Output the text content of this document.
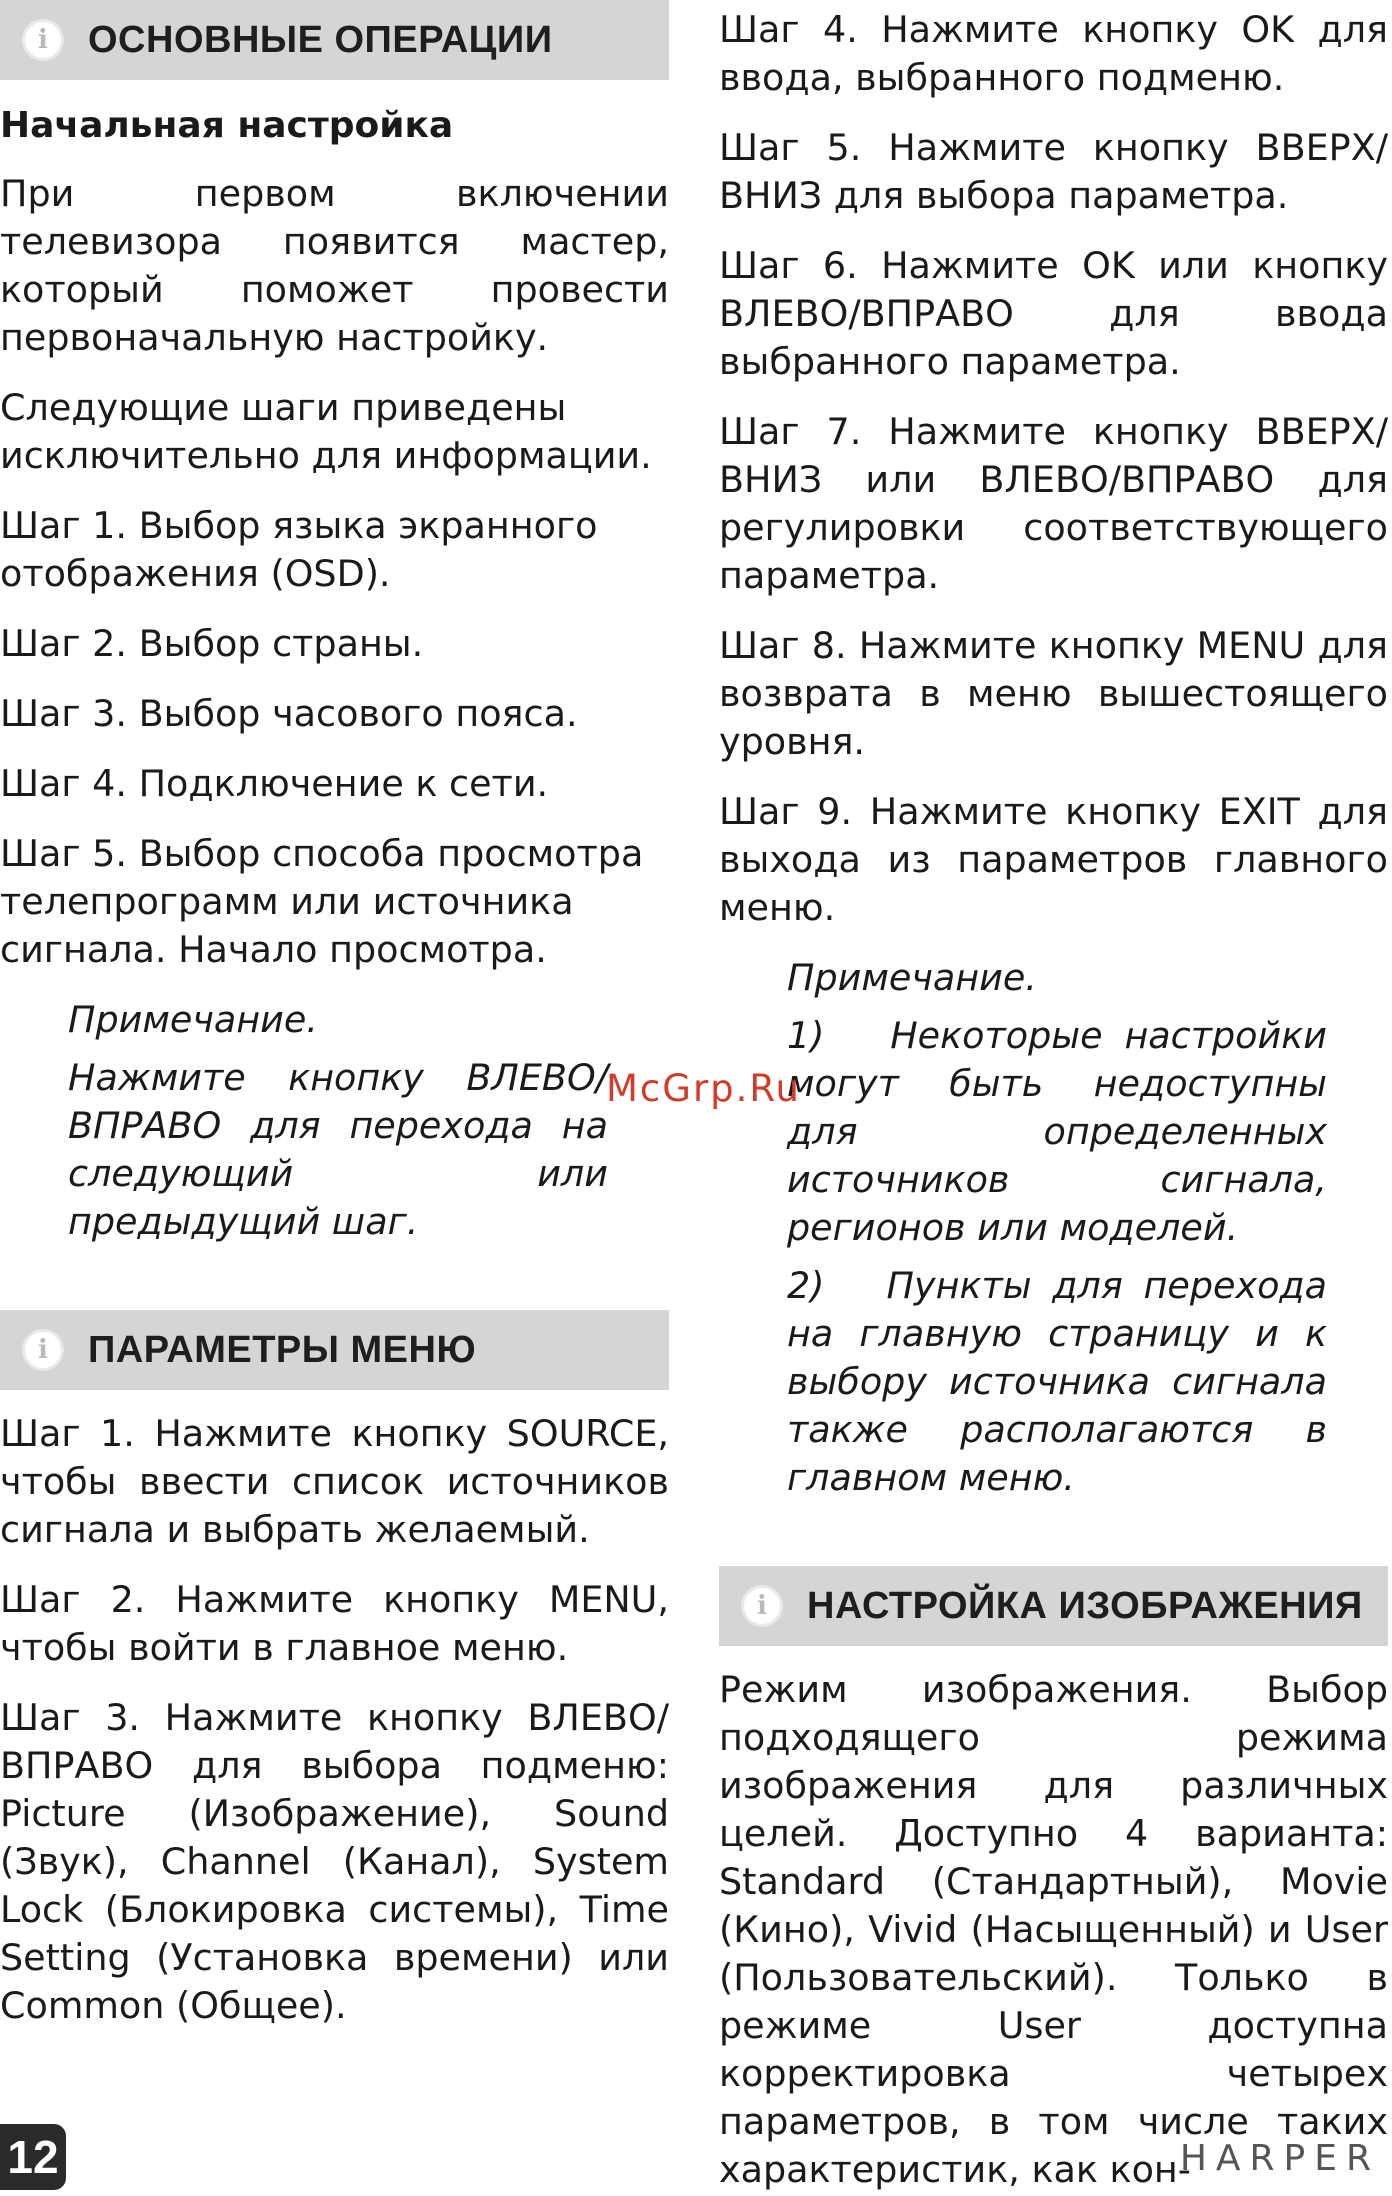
i	ОСНОВНЫЕ ОПЕРАЦИИ

Начальная настройка

При первом включении телевизора появится мастер, который поможет провести первоначальную настройку.

Следующие шаги приведены исключительно для информации.

Шаг 1. Выбор языка экранного отображения (OSD).

Шаг 2. Выбор страны.

Шаг 3. Выбор часового пояса.

Шаг 4. Подключение к сети.

Шаг 5. Выбор способа просмотра телепрограмм или источника сигнала. Начало просмотра.

Примечание.

Нажмите кнопку ВЛЕВО/ВПРАВО для перехода на следующий или предыдущий шаг.

i	ПАРАМЕТРЫ МЕНЮ

Шаг 1. Нажмите кнопку SOURCE, чтобы ввести список источников сигнала и выбрать желаемый.

Шаг 2. Нажмите кнопку MENU, чтобы войти в главное меню.

Шаг 3. Нажмите кнопку ВЛЕВО/ВПРАВО для выбора подменю: Picture (Изображение), Sound (Звук), Channel (Канал), System Lock (Блокировка системы), Time Setting (Установка времени) или Common (Общее).

Шаг 4. Нажмите кнопку OK для ввода, выбранного подменю.

Шаг 5. Нажмите кнопку ВВЕРХ/ВНИЗ для выбора параметра.

Шаг 6. Нажмите OK или кнопку ВЛЕВО/ВПРАВО для ввода выбранного параметра.

Шаг 7. Нажмите кнопку ВВЕРХ/ВНИЗ или ВЛЕВО/ВПРАВО для регулировки соответствующего параметра.

Шаг 8. Нажмите кнопку MENU для возврата в меню вышестоящего уровня.

Шаг 9. Нажмите кнопку EXIT для выхода из параметров главного меню.

Примечание.

1)   Некоторые настройки могут быть недоступны для определенных источников сигнала, регионов или моделей.

2)   Пункты для перехода на главную страницу и к выбору источника сигнала также располагаются в главном меню.

i	НАСТРОЙКА ИЗОБРАЖЕНИЯ

Режим изображения. Выбор подходящего режима изображения для различных целей. Доступно 4 варианта: Standard (Стандартный), Movie (Кино), Vivid (Насыщенный) и User (Пользовательский). Только в режиме User доступна корректировка четырех параметров, в том числе таких характеристик, как кон-

McGrp.Ru
12	HARPER
